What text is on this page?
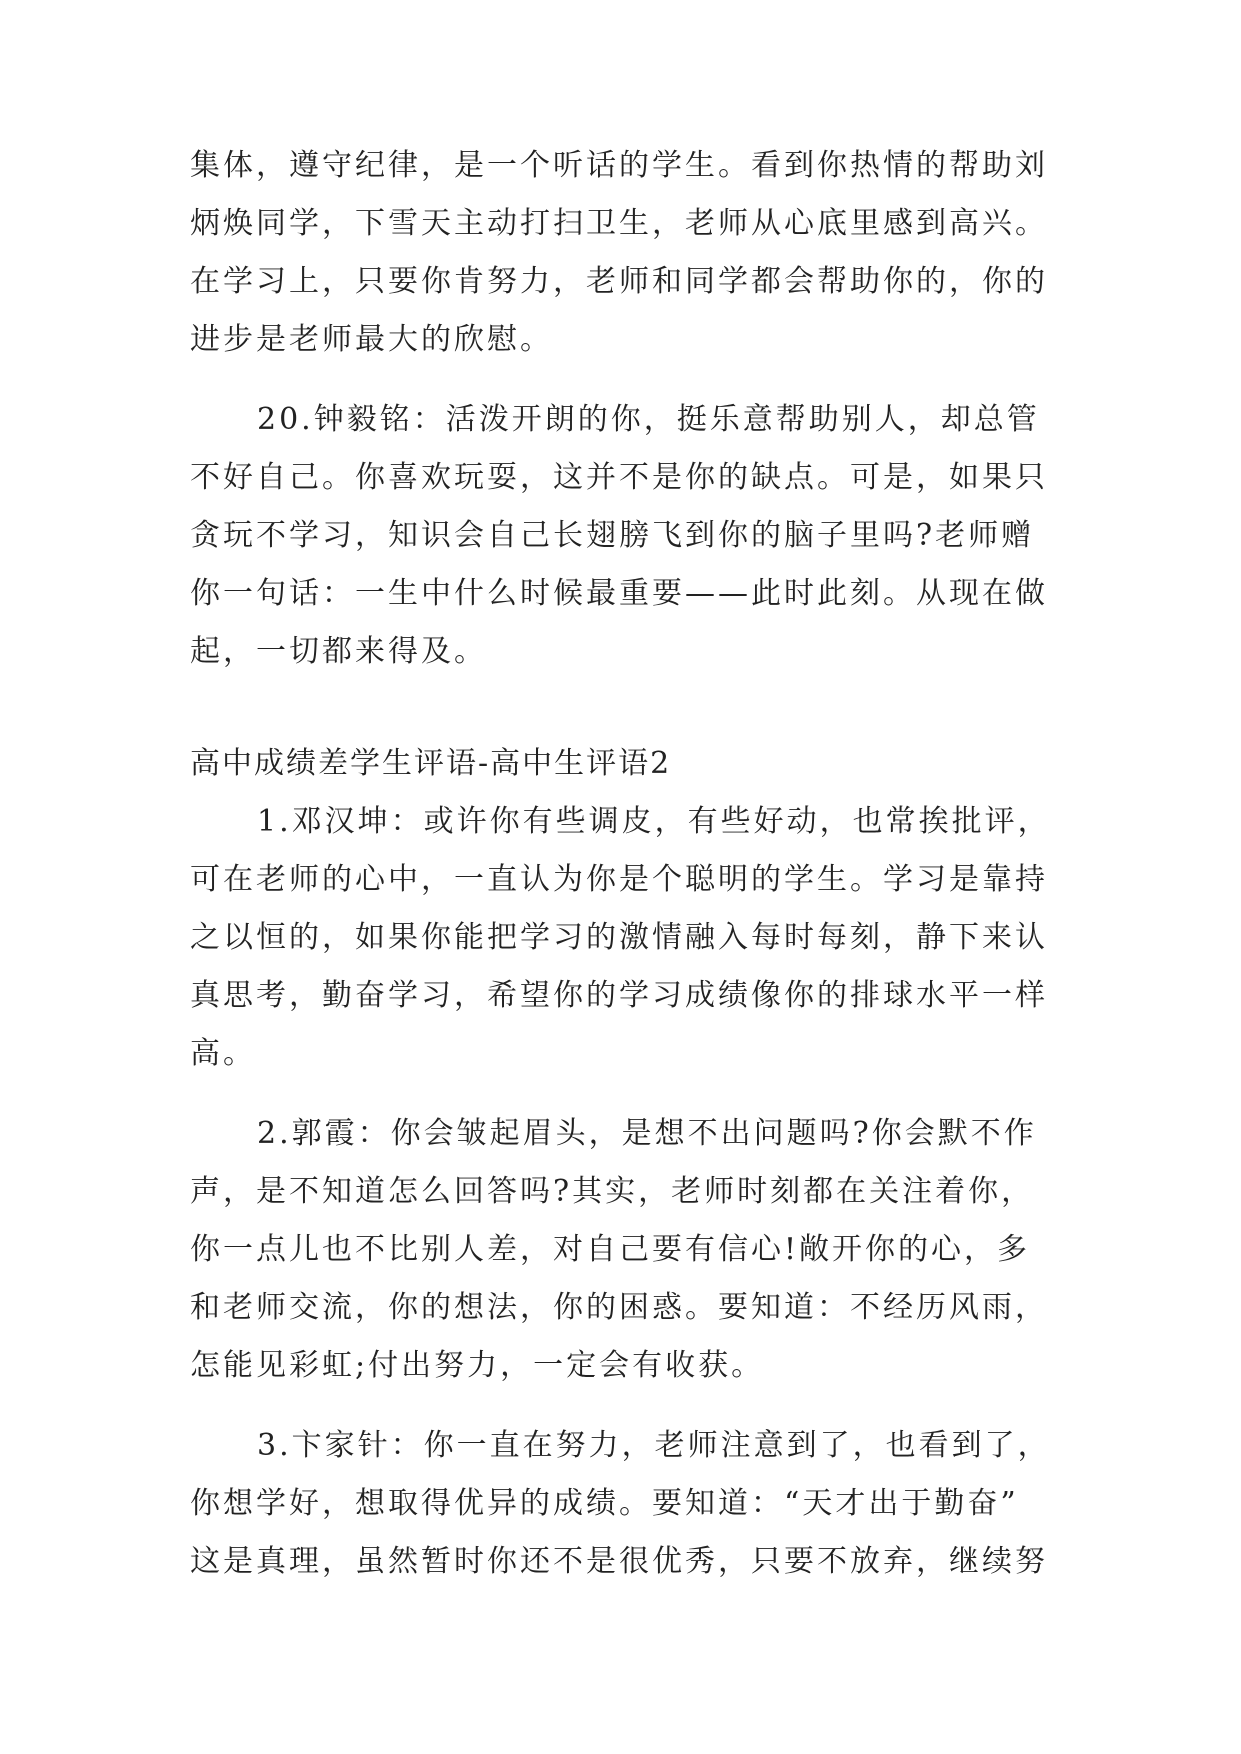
集体，遵守纪律，是一个听话的学生。看到你热情的帮助刘
炳焕同学，下雪天主动打扫卫生，老师从心底里感到高兴。
在学习上，只要你肯努力，老师和同学都会帮助你的，你的
进步是老师最大的欣慰。
20.钟毅铭：活泼开朗的你，挺乐意帮助别人，却总管
不好自己。你喜欢玩耍，这并不是你的缺点。可是，如果只
贪玩不学习，知识会自己长翅膀飞到你的脑子里吗?老师赠
你一句话：一生中什么时候最重要——此时此刻。从现在做
起，一切都来得及。
高中成绩差学生评语-高中生评语2
1.邓汉坤：或许你有些调皮，有些好动，也常挨批评，
可在老师的心中，一直认为你是个聪明的学生。学习是靠持
之以恒的，如果你能把学习的激情融入每时每刻，静下来认
真思考，勤奋学习，希望你的学习成绩像你的排球水平一样
高。
2.郭霞：你会皱起眉头，是想不出问题吗?你会默不作
声，是不知道怎么回答吗?其实，老师时刻都在关注着你，
你一点儿也不比别人差，对自己要有信心!敞开你的心，多
和老师交流，你的想法，你的困惑。要知道：不经历风雨，
怎能见彩虹;付出努力，一定会有收获。
3.卞家针：你一直在努力，老师注意到了，也看到了，
你想学好，想取得优异的成绩。要知道：“天才出于勤奋”
这是真理，虽然暂时你还不是很优秀，只要不放弃，继续努
